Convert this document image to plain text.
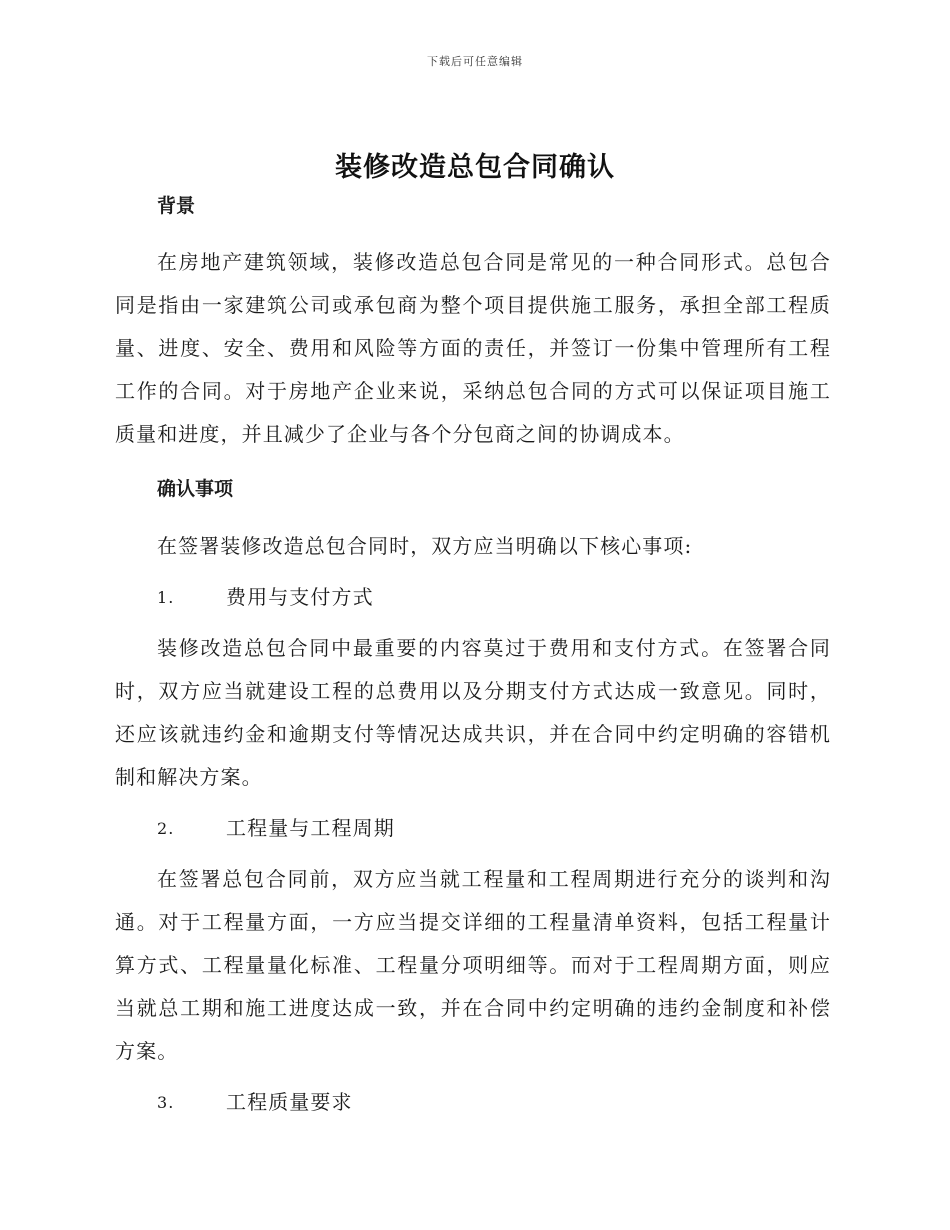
下载后可任意编辑
装修改造总包合同确认

背景

在房地产建筑领域，装修改造总包合同是常见的一种合同形式。总包合同是指由一家建筑公司或承包商为整个项目提供施工服务，承担全部工程质量、进度、安全、费用和风险等方面的责任，并签订一份集中管理所有工程工作的合同。对于房地产企业来说，采纳总包合同的方式可以保证项目施工质量和进度，并且减少了企业与各个分包商之间的协调成本。

确认事项

在签署装修改造总包合同时，双方应当明确以下核心事项:

1.	费用与支付方式

装修改造总包合同中最重要的内容莫过于费用和支付方式。在签署合同时，双方应当就建设工程的总费用以及分期支付方式达成一致意见。同时，还应该就违约金和逾期支付等情况达成共识，并在合同中约定明确的容错机制和解决方案。

2.	工程量与工程周期

在签署总包合同前，双方应当就工程量和工程周期进行充分的谈判和沟通。对于工程量方面，一方应当提交详细的工程量清单资料，包括工程量计算方式、工程量量化标准、工程量分项明细等。而对于工程周期方面，则应当就总工期和施工进度达成一致，并在合同中约定明确的违约金制度和补偿方案。

3.	工程质量要求
